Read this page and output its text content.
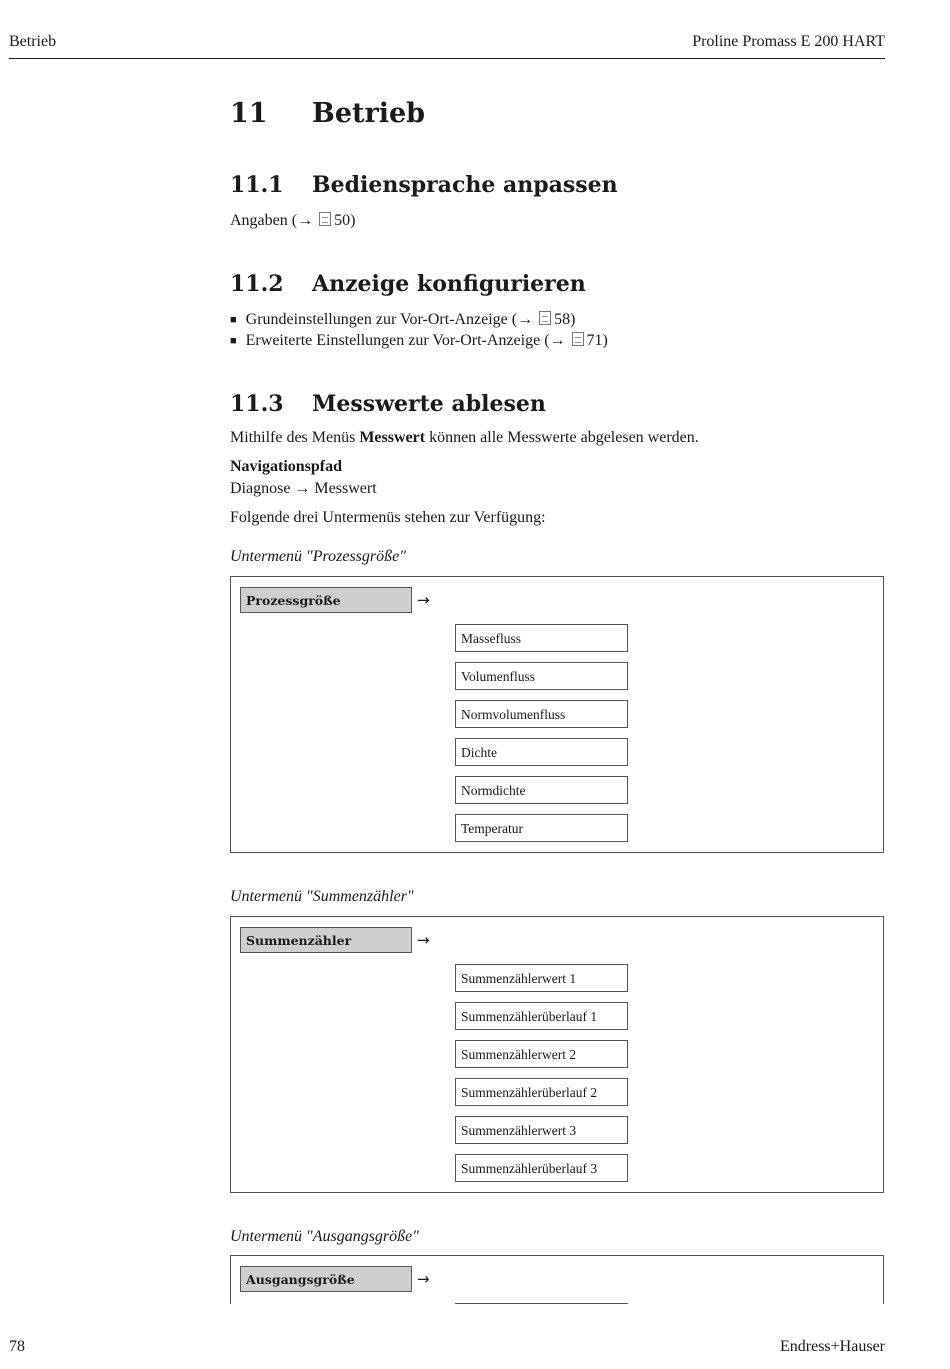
Betrieb	Proline Promass E 200 HART
11 Betrieb
11.1 Bediensprache anpassen
Angaben (→ 50)
11.2 Anzeige konfigurieren
■ Grundeinstellungen zur Vor-Ort-Anzeige (→ 58)
■ Erweiterte Einstellungen zur Vor-Ort-Anzeige (→ 71)
11.3 Messwerte ablesen
Mithilfe des Menüs Messwert können alle Messwerte abgelesen werden.
Navigationspfad
Diagnose → Messwert
Folgende drei Untermenüs stehen zur Verfügung:
Untermenü "Prozessgröße"
Prozessgröße	→
Massefluss
Volumenfluss
Normvolumenfluss
Dichte
Normdichte
Temperatur
Untermenü "Summenzähler"
Summenzähler	→
Summenzählerwert 1
Summenzählerüberlauf 1
Summenzählerwert 2
Summenzählerüberlauf 2
Summenzählerwert 3
Summenzählerüberlauf 3
Untermenü "Ausgangsgröße"
Ausgangsgröße	→
78	Endress+Hauser
